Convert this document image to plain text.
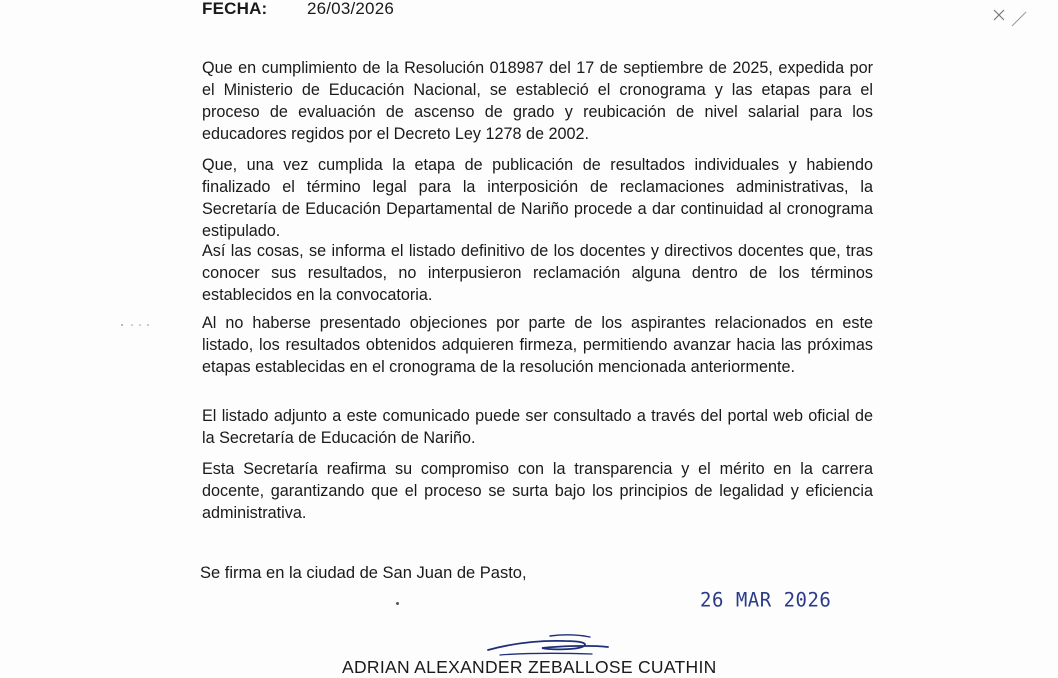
FECHA: 26/03/2026

Que en cumplimiento de la Resolución 018987 del 17 de septiembre de 2025, expedida por el Ministerio de Educación Nacional, se estableció el cronograma y las etapas para el proceso de evaluación de ascenso de grado y reubicación de nivel salarial para los educadores regidos por el Decreto Ley 1278 de 2002.

Que, una vez cumplida la etapa de publicación de resultados individuales y habiendo finalizado el término legal para la interposición de reclamaciones administrativas, la Secretaría de Educación Departamental de Nariño procede a dar continuidad al cronograma estipulado.

Así las cosas, se informa el listado definitivo de los docentes y directivos docentes que, tras conocer sus resultados, no interpusieron reclamación alguna dentro de los términos establecidos en la convocatoria.

Al no haberse presentado objeciones por parte de los aspirantes relacionados en este listado, los resultados obtenidos adquieren firmeza, permitiendo avanzar hacia las próximas etapas establecidas en el cronograma de la resolución mencionada anteriormente.

El listado adjunto a este comunicado puede ser consultado a través del portal web oficial de la Secretaría de Educación de Nariño.

Esta Secretaría reafirma su compromiso con la transparencia y el mérito en la carrera docente, garantizando que el proceso se surta bajo los principios de legalidad y eficiencia administrativa.

Se firma en la ciudad de San Juan de Pasto,
26 MAR 2026
ADRIAN ALEXANDER ZEBALLOSE CUATHIN
